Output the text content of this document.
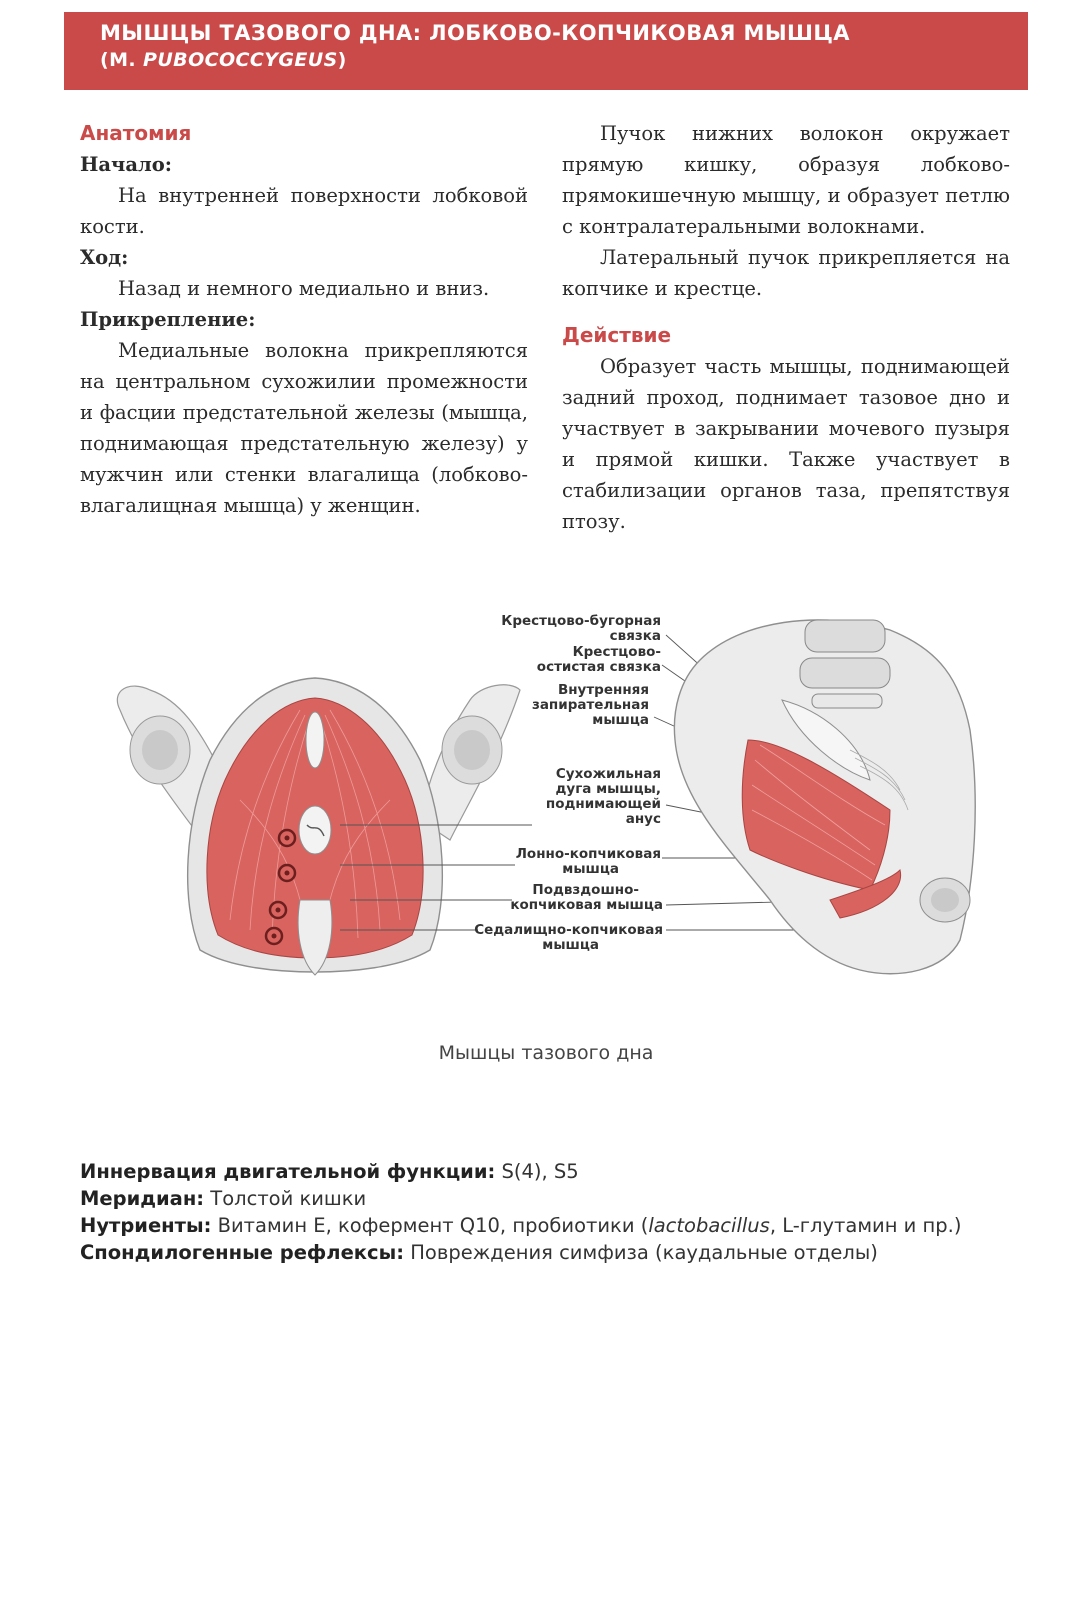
МЫШЦЫ ТАЗОВОГО ДНА: ЛОБКОВО-КОПЧИКОВАЯ МЫШЦА
(М. PUBOCOCCYGEUS)
Анатомия
Начало:

На внутренней поверхности лобковой кости.

Ход:

Назад и немного медиально и вниз.

Прикрепление:

Медиальные волокна прикрепляются на центральном сухожилии промежности и фасции предстательной железы (мышца, поднимающая предстательную железу) у мужчин или стенки влагалища (лобково-влагалищная мышца) у женщин.

Пучок нижних волокон окружает прямую кишку, образуя лобково-прямокишечную мышцу, и образует петлю с контралатеральными волокнами.

Латеральный пучок прикрепляется на копчике и крестце.

Действие

Образует часть мышцы, поднимающей задний проход, поднимает тазовое дно и участвует в закрывании мочевого пузыря и прямой кишки. Также участвует в стабилизации органов таза, препятствуя птозу.

Крестцово-бугорная
связка
Крестцово-
остистая связка
Внутренняя
запирательная
мышца
Сухожильная
дуга мышцы,
поднимающей
анус
Лонно-копчиковая
мышца
Подвздошно-
копчиковая мышца
Седалищно-копчиковая
мышца
Мышцы тазового дна
Иннервация двигательной функции: S(4), S5
Меридиан: Толстой кишки
Нутриенты: Витамин E, кофермент Q10, пробиотики (lactobacillus, L-глутамин и пр.)
Спондилогенные рефлексы: Повреждения симфиза (каудальные отделы)
